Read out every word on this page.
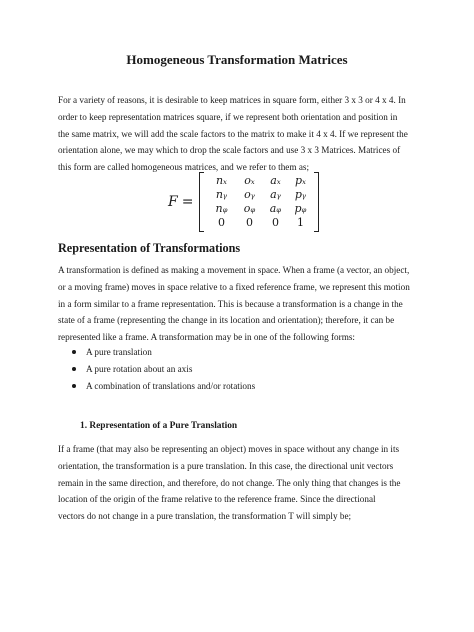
Homogeneous Transformation Matrices
For a variety of reasons, it is desirable to keep matrices in square form, either 3 x 3 or 4 x 4. In
order to keep representation matrices square, if we represent both orientation and position in
the same matrix, we will add the scale factors to the matrix to make it 4 x 4. If we represent the
orientation alone, we may which to drop the scale factors and use 3 x 3 Matrices. Matrices of
this form are called homogeneous matrices, and we refer to them as;
F =
nₓ	oₓ	aₓ	pₓ
nᵧ	oᵧ	aᵧ	pᵧ
nᵩ	oᵩ	aᵩ	pᵩ
0	0	0	1
Representation of Transformations
A transformation is defined as making a movement in space. When a frame (a vector, an object,
or a moving frame) moves in space relative to a fixed reference frame, we represent this motion
in a form similar to a frame representation. This is because a transformation is a change in the
state of a frame (representing the change in its location and orientation); therefore, it can be
represented like a frame. A transformation may be in one of the following forms:
A pure translation
A pure rotation about an axis
A combination of translations and/or rotations
1. Representation of a Pure Translation
If a frame (that may also be representing an object) moves in space without any change in its
orientation, the transformation is a pure translation. In this case, the directional unit vectors
remain in the same direction, and therefore, do not change. The only thing that changes is the
location of the origin of the frame relative to the reference frame. Since the directional
vectors do not change in a pure translation, the transformation T will simply be;
